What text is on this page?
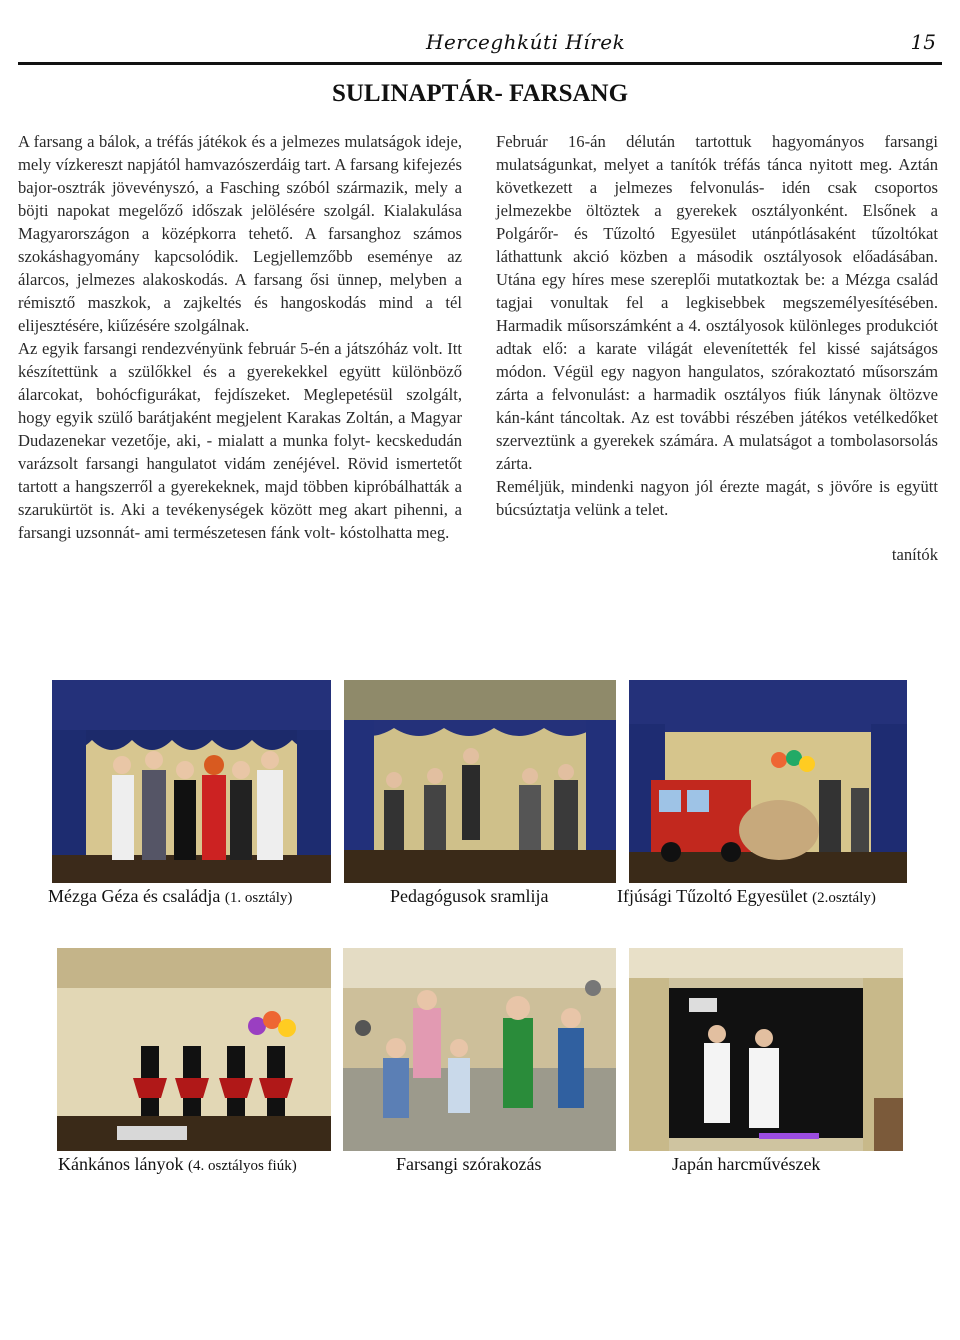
Herceghkúti Hírek	15
SULINAPTÁR- FARSANG

A farsang a bálok, a tréfás játékok és a jelmezes mulatságok ideje, mely vízkereszt napjától hamvazószerdáig tart. A farsang kifejezés bajor-osztrák jövevényszó, a Fasching szóból származik, mely a böjti napokat megelőző időszak jelölésére szolgál. Kialakulása Magyarországon a középkorra tehető. A farsanghoz számos szokáshagyomány kapcsolódik. Legjellemzőbb eseménye az álarcos, jelmezes alakoskodás. A farsang ősi ünnep, melyben a rémisztő maszkok, a zajkeltés és hangoskodás mind a tél elijesztésére, kiűzésére szolgálnak.

Az egyik farsangi rendezvényünk február 5-én a játszóház volt. Itt készítettünk a szülőkkel és a gyerekekkel együtt különböző álarcokat, bohócfigurákat, fejdíszeket. Meglepetésül szolgált, hogy egyik szülő barátjaként megjelent Karakas Zoltán, a Magyar Dudazenekar vezetője, aki, - mialatt a munka folyt- kecskedudán varázsolt farsangi hangulatot vidám zenéjével. Rövid ismertetőt tartott a hangszerről a gyerekeknek, majd többen kipróbálhatták a szarukürtöt is. Aki a tevékenységek között meg akart pihenni, a farsangi uzsonnát- ami természetesen fánk volt- kóstolhatta meg.

Február 16-án délután tartottuk hagyományos farsangi mulatságunkat, melyet a tanítók tréfás tánca nyitott meg. Aztán következett a jelmezes felvonulás- idén csak csoportos jelmezekbe öltöztek a gyerekek osztályonként. Elsőnek a Polgárőr- és Tűzoltó Egyesület utánpótlásaként tűzoltókat láthattunk akció közben a második osztályosok előadásában. Utána egy híres mese szereplői mutatkoztak be: a Mézga család tagjai vonultak fel a legkisebbek megszemélyesítésében. Harmadik műsorszámként a 4. osztályosok különleges produkciót adtak elő: a karate világát elevenítették fel kissé sajátságos módon. Végül egy nagyon hangulatos, szórakoztató műsorszám zárta a felvonulást: a harmadik osztályos fiúk lánynak öltözve kán-kánt táncoltak. Az est további részében játékos vetélkedőket szerveztünk a gyerekek számára. A mulatságot a tombolasorsolás zárta.

Reméljük, mindenki nagyon jól érezte magát, s jövőre is együtt búcsúztatja velünk a telet.

tanítók

Mézga Géza és családja (1. osztály)	Pedagógusok sramlija	Ifjúsági Tűzoltó Egyesület (2.osztály)
Kánkános lányok (4. osztályos fiúk)	Farsangi szórakozás	Japán harcművészek
